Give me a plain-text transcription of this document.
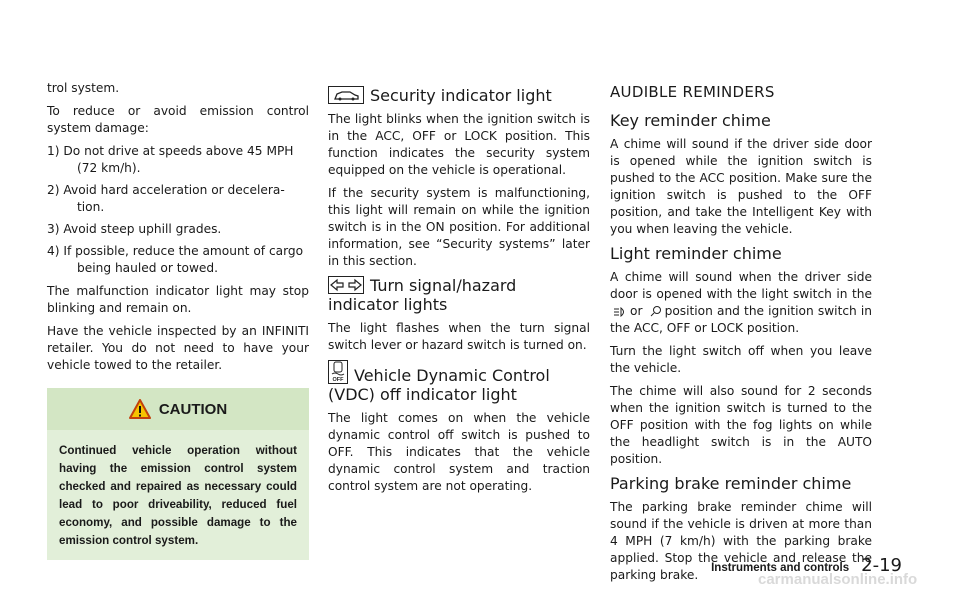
trol system.

To reduce or avoid emission control system damage:

1) Do not drive at speeds above 45 MPH (72 km/h).
2) Avoid hard acceleration or decelera- tion.
3) Avoid steep uphill grades.
4) If possible, reduce the amount of cargo being hauled or towed.

The malfunction indicator light may stop blinking and remain on.

Have the vehicle inspected by an INFINITI retailer. You do not need to have your vehicle towed to the retailer.

CAUTION
Continued vehicle operation without having the emission control system checked and repaired as necessary could lead to poor driveability, reduced fuel economy, and possible damage to the emission control system.
Security indicator light

The light blinks when the ignition switch is in the ACC, OFF or LOCK position. This function indicates the security system equipped on the vehicle is operational.

If the security system is malfunctioning, this light will remain on while the ignition switch is in the ON position. For additional information, see “Security systems” later in this section.

Turn signal/hazard indicator lights

The light flashes when the turn signal switch lever or hazard switch is turned on.

OFF Vehicle Dynamic Control (VDC) off indicator light

The light comes on when the vehicle dynamic control off switch is pushed to OFF. This indicates that the vehicle dynamic control system and traction control system are not operating.

AUDIBLE REMINDERS
Key reminder chime

A chime will sound if the driver side door is opened while the ignition switch is pushed to the ACC position. Make sure the ignition switch is pushed to the OFF position, and take the Intelligent Key with you when leaving the vehicle.

Light reminder chime

A chime will sound when the driver side door is opened with the light switch in the or position and the ignition switch in the ACC, OFF or LOCK position.

Turn the light switch off when you leave the vehicle.

The chime will also sound for 2 seconds when the ignition switch is turned to the OFF position with the fog lights on while the headlight switch is in the AUTO position.

Parking brake reminder chime

The parking brake reminder chime will sound if the vehicle is driven at more than 4 MPH (7 km/h) with the parking brake applied. Stop the vehicle and release the parking brake.	Instruments and controls 2-19
carmanualsonline.info
